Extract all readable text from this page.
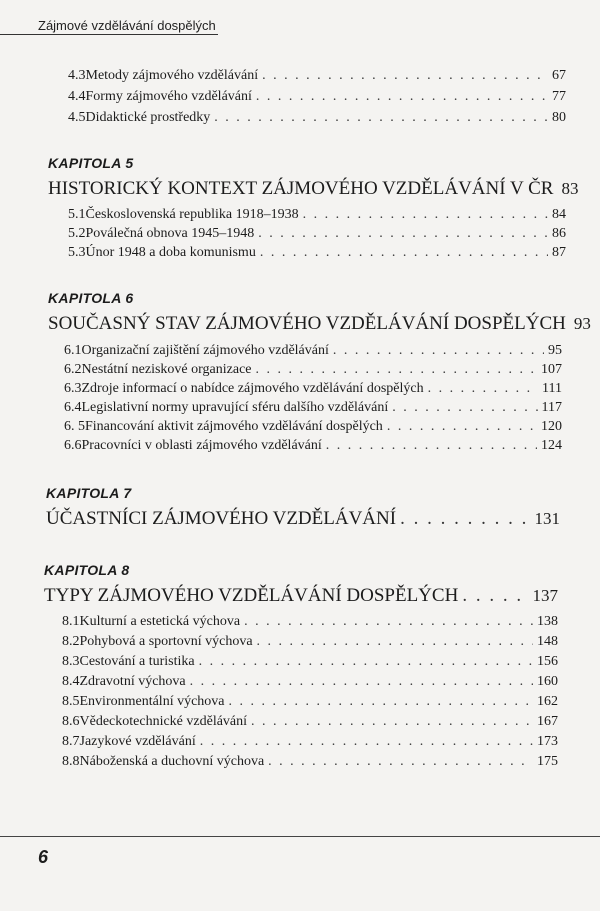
Zájmové vzdělávání dospělých
4.3 Metody zájmového vzdělávání . . .	67
4.4 Formy zájmového vzdělávání . . .	77
4.5 Didaktické prostředky . . .	80
KAPITOLA 5
HISTORICKÝ KONTEXT ZÁJMOVÉHO VZDĚLÁVÁNÍ V ČR 83
5.1 Československá republika 1918–1938 . . .	84
5.2 Poválečná obnova 1945–1948 . . .	86
5.3 Únor 1948 a doba komunismu . . .	87
KAPITOLA 6
SOUČASNÝ STAV ZÁJMOVÉHO VZDĚLÁVÁNÍ DOSPĚLÝCH 93
6.1 Organizační zajištění zájmového vzdělávání . . .	95
6.2 Nestátní neziskové organizace . . .	107
6.3 Zdroje informací o nabídce zájmového vzdělávání dospělých . . .	111
6.4 Legislativní normy upravující sféru dalšího vzdělávání . . .	117
6. 5 Financování aktivit zájmového vzdělávání dospělých . . .	120
6.6 Pracovníci v oblasti zájmového vzdělávání . . .	124
KAPITOLA 7
ÚČASTNÍCI ZÁJMOVÉHO VZDĚLÁVÁNÍ . . .	131
KAPITOLA 8
TYPY ZÁJMOVÉHO VZDĚLÁVÁNÍ DOSPĚLÝCH . . .	137
8.1 Kulturní a estetická výchova . . .	138
8.2 Pohybová a sportovní výchova . . .	148
8.3 Cestování a turistika . . .	156
8.4 Zdravotní výchova . . .	160
8.5 Environmentální výchova . . .	162
8.6 Vědeckotechnické vzdělávání . . .	167
8.7 Jazykové vzdělávání . . .	173
8.8 Náboženská a duchovní výchova . . .	175
6
